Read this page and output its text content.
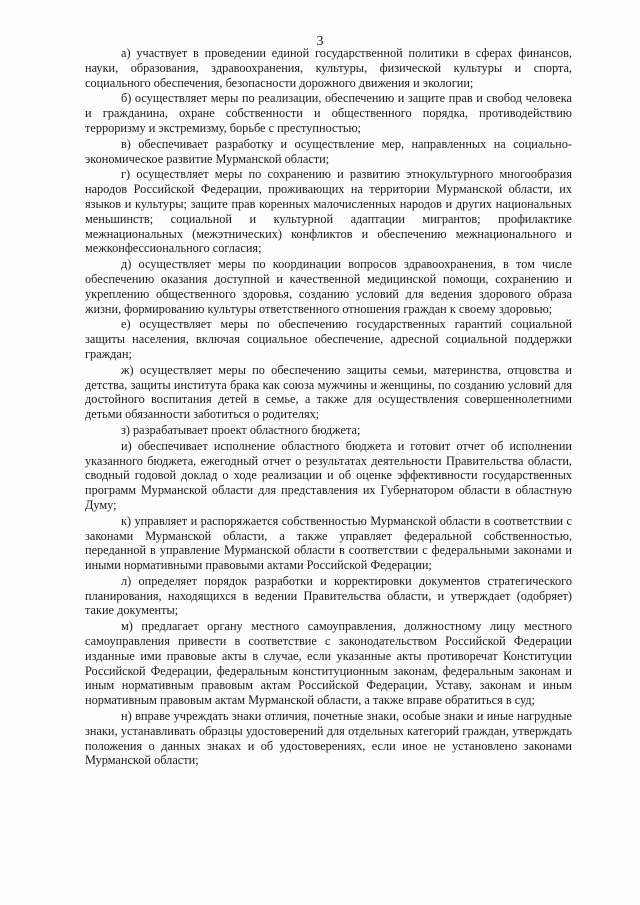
3

а) участвует в проведении единой государственной политики в сферах финансов, науки, образования, здравоохранения, культуры, физической культуры и спорта, социального обеспечения, безопасности дорожного движения и экологии;

б) осуществляет меры по реализации, обеспечению и защите прав и свобод человека и гражданина, охране собственности и общественного порядка, противодействию терроризму и экстремизму, борьбе с преступностью;

в) обеспечивает разработку и осуществление мер, направленных на социально-экономическое развитие Мурманской области;

г) осуществляет меры по сохранению и развитию этнокультурного многообразия народов Российской Федерации, проживающих на территории Мурманской области, их языков и культуры; защите прав коренных малочисленных народов и других национальных меньшинств; социальной и культурной адаптации мигрантов; профилактике межнациональных (межэтнических) конфликтов и обеспечению межнационального и межконфессионального согласия;

д) осуществляет меры по координации вопросов здравоохранения, в том числе обеспечению оказания доступной и качественной медицинской помощи, сохранению и укреплению общественного здоровья, созданию условий для ведения здорового образа жизни, формированию культуры ответственного отношения граждан к своему здоровью;

е) осуществляет меры по обеспечению государственных гарантий социальной защиты населения, включая социальное обеспечение, адресной социальной поддержки граждан;

ж) осуществляет меры по обеспечению защиты семьи, материнства, отцовства и детства, защиты института брака как союза мужчины и женщины, по созданию условий для достойного воспитания детей в семье, а также для осуществления совершеннолетними детьми обязанности заботиться о родителях;

з) разрабатывает проект областного бюджета;

и) обеспечивает исполнение областного бюджета и готовит отчет об исполнении указанного бюджета, ежегодный отчет о результатах деятельности Правительства области, сводный годовой доклад о ходе реализации и об оценке эффективности государственных программ Мурманской области для представления их Губернатором области в областную Думу;

к) управляет и распоряжается собственностью Мурманской области в соответствии с законами Мурманской области, а также управляет федеральной собственностью, переданной в управление Мурманской области в соответствии с федеральными законами и иными нормативными правовыми актами Российской Федерации;

л) определяет порядок разработки и корректировки документов стратегического планирования, находящихся в ведении Правительства области, и утверждает (одобряет) такие документы;

м) предлагает органу местного самоуправления, должностному лицу местного самоуправления привести в соответствие с законодательством Российской Федерации изданные ими правовые акты в случае, если указанные акты противоречат Конституции Российской Федерации, федеральным конституционным законам, федеральным законам и иным нормативным правовым актам Российской Федерации, Уставу, законам и иным нормативным правовым актам Мурманской области, а также вправе обратиться в суд;

н) вправе учреждать знаки отличия, почетные знаки, особые знаки и иные нагрудные знаки, устанавливать образцы удостоверений для отдельных категорий граждан, утверждать положения о данных знаках и об удостоверениях, если иное не установлено законами Мурманской области;
